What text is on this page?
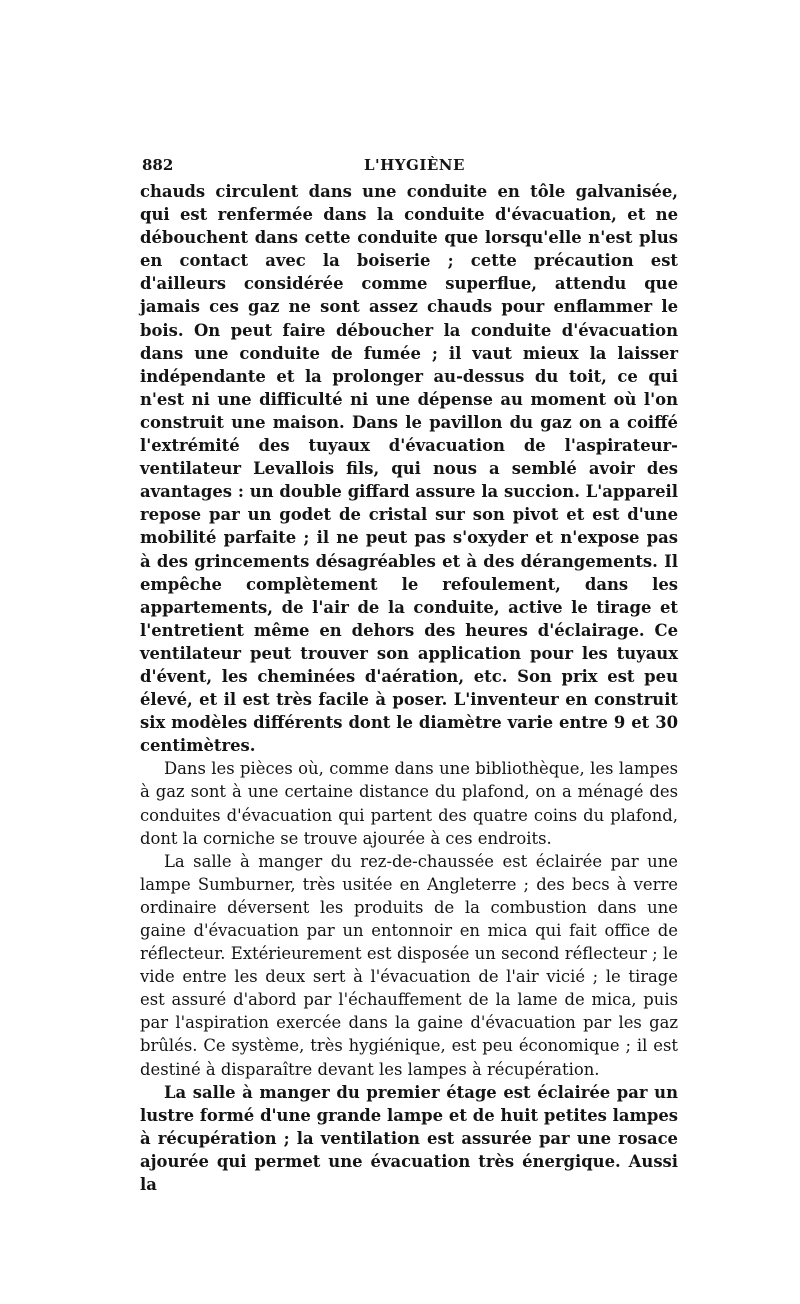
882	L'HYGIÈNE

chauds circulent dans une conduite en tôle galvanisée, qui est renfermée dans la conduite d'évacuation, et ne débouchent dans cette conduite que lorsqu'elle n'est plus en contact avec la boiserie ; cette précaution est d'ailleurs considérée comme superflue, attendu que jamais ces gaz ne sont assez chauds pour enflammer le bois. On peut faire déboucher la conduite d'évacuation dans une conduite de fumée ; il vaut mieux la laisser indépendante et la prolonger au-dessus du toit, ce qui n'est ni une difficulté ni une dépense au moment où l'on construit une maison. Dans le pavillon du gaz on a coiffé l'extrémité des tuyaux d'évacuation de l'aspirateur-ventilateur Levallois fils, qui nous a semblé avoir des avantages : un double giffard assure la succion. L'appareil repose par un godet de cristal sur son pivot et est d'une mobilité parfaite ; il ne peut pas s'oxyder et n'expose pas à des grincements désagréables et à des dérangements. Il empêche complètement le refoulement, dans les appartements, de l'air de la conduite, active le tirage et l'entretient même en dehors des heures d'éclairage. Ce ventilateur peut trouver son application pour les tuyaux d'évent, les cheminées d'aération, etc. Son prix est peu élevé, et il est très facile à poser. L'inventeur en construit six modèles différents dont le diamètre varie entre 9 et 30 centimètres.

Dans les pièces où, comme dans une bibliothèque, les lampes à gaz sont à une certaine distance du plafond, on a ménagé des conduites d'évacuation qui partent des quatre coins du plafond, dont la corniche se trouve ajourée à ces endroits.

La salle à manger du rez-de-chaussée est éclairée par une lampe Sumburner, très usitée en Angleterre ; des becs à verre ordinaire déversent les produits de la combustion dans une gaine d'évacuation par un entonnoir en mica qui fait office de réflecteur. Extérieurement est disposée un second réflecteur ; le vide entre les deux sert à l'évacuation de l'air vicié ; le tirage est assuré d'abord par l'échauffement de la lame de mica, puis par l'aspiration exercée dans la gaine d'évacuation par les gaz brûlés. Ce système, très hygiénique, est peu économique ; il est destiné à disparaître devant les lampes à récupération.

La salle à manger du premier étage est éclairée par un lustre formé d'une grande lampe et de huit petites lampes à récupération ; la ventilation est assurée par une rosace ajourée qui permet une évacuation très énergique. Aussi la
